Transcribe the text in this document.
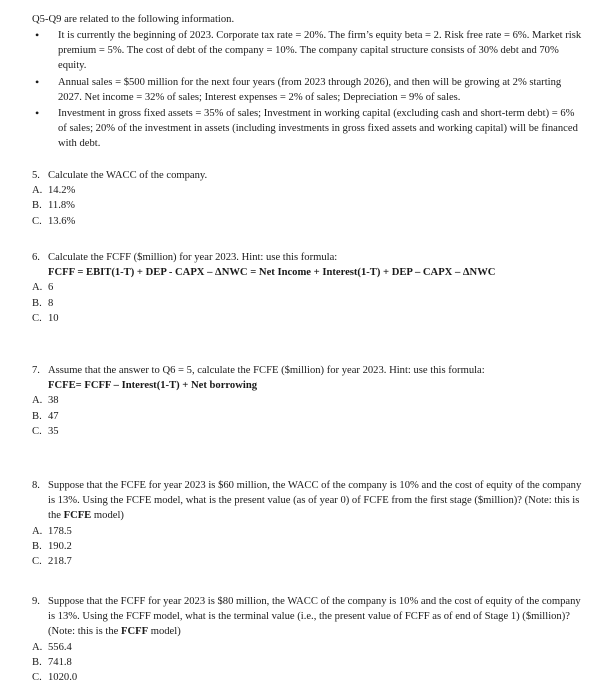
Q5-Q9 are related to the following information.
• It is currently the beginning of 2023. Corporate tax rate = 20%. The firm’s equity beta = 2. Risk free rate = 6%. Market risk premium = 5%. The cost of debt of the company = 10%. The company capital structure consists of 30% debt and 70% equity.
• Annual sales = $500 million for the next four years (from 2023 through 2026), and then will be growing at 2% starting 2027. Net income = 32% of sales; Interest expenses = 2% of sales; Depreciation = 9% of sales.
• Investment in gross fixed assets = 35% of sales; Investment in working capital (excluding cash and short-term debt) = 6% of sales; 20% of the investment in assets (including investments in gross fixed assets and working capital) will be financed with debt.
5. Calculate the WACC of the company.
A. 14.2%
B. 11.8%
C. 13.6%
6. Calculate the FCFF ($million) for year 2023. Hint: use this formula:
FCFF = EBIT(1-T) + DEP - CAPX – ΔNWC = Net Income + Interest(1-T) + DEP – CAPX – ΔNWC
A. 6
B. 8
C. 10
7. Assume that the answer to Q6 = 5, calculate the FCFE ($million) for year 2023. Hint: use this formula:
FCFE= FCFF – Interest(1-T) + Net borrowing
A. 38
B. 47
C. 35
8. Suppose that the FCFE for year 2023 is $60 million, the WACC of the company is 10% and the cost of equity of the company is 13%. Using the FCFE model, what is the present value (as of year 0) of FCFE from the first stage ($million)? (Note: this is the FCFE model)
A. 178.5
B. 190.2
C. 218.7
9. Suppose that the FCFF for year 2023 is $80 million, the WACC of the company is 10% and the cost of equity of the company is 13%. Using the FCFF model, what is the terminal value (i.e., the present value of FCFF as of end of Stage 1) ($million)? (Note: this is the FCFF model)
A. 556.4
B. 741.8
C. 1020.0
